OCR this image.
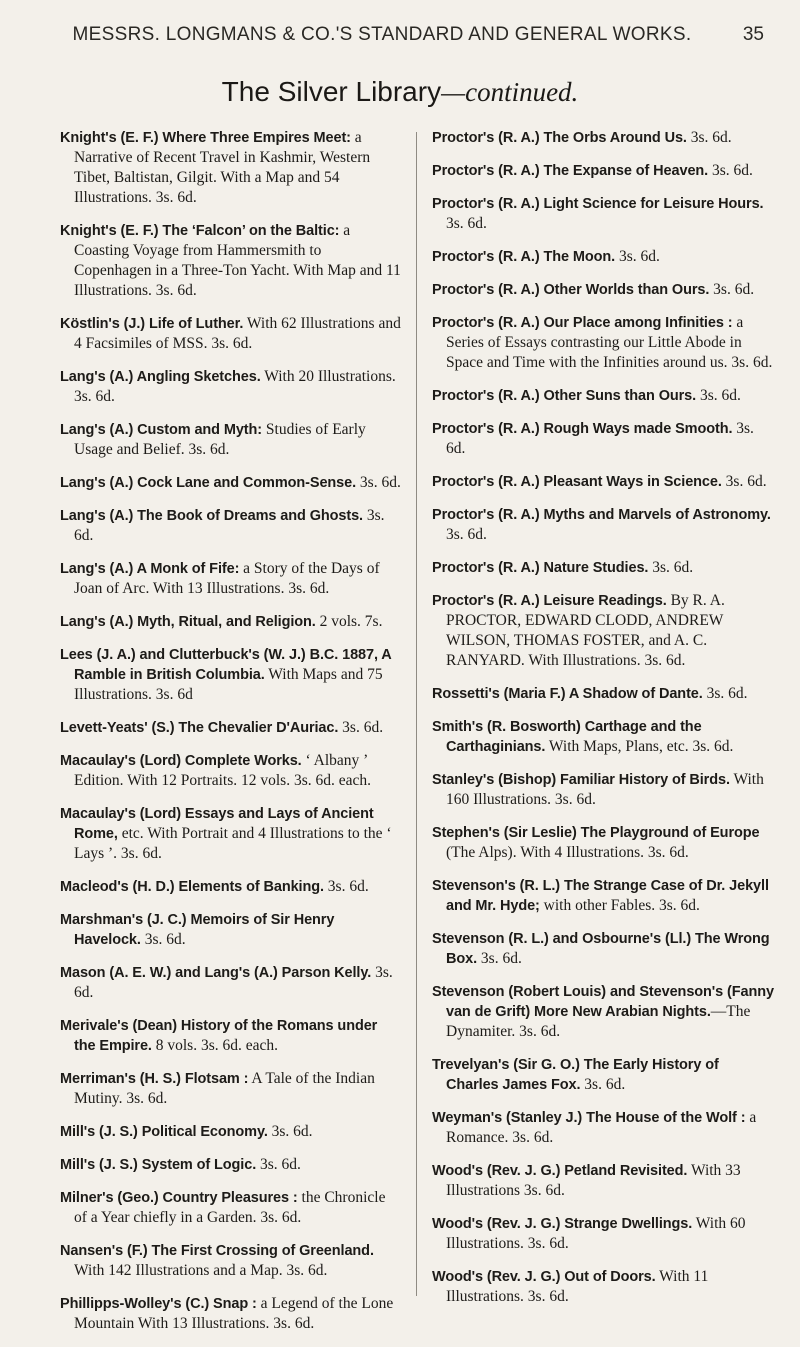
MESSRS. LONGMANS & CO.'S STANDARD AND GENERAL WORKS.	35
The Silver Library—continued.

Knight's (E. F.) Where Three Empires Meet: a Narrative of Recent Travel in Kashmir, Western Tibet, Baltistan, Gilgit. With a Map and 54 Illustrations. 3s. 6d.

Knight's (E. F.) The ‘Falcon’ on the Baltic: a Coasting Voyage from Hammersmith to Copenhagen in a Three-Ton Yacht. With Map and 11 Illustrations. 3s. 6d.

Köstlin's (J.) Life of Luther. With 62 Illustrations and 4 Facsimiles of MSS. 3s. 6d.

Lang's (A.) Angling Sketches. With 20 Illustrations. 3s. 6d.

Lang's (A.) Custom and Myth: Studies of Early Usage and Belief. 3s. 6d.

Lang's (A.) Cock Lane and Common-Sense. 3s. 6d.

Lang's (A.) The Book of Dreams and Ghosts. 3s. 6d.

Lang's (A.) A Monk of Fife: a Story of the Days of Joan of Arc. With 13 Illustrations. 3s. 6d.

Lang's (A.) Myth, Ritual, and Religion. 2 vols. 7s.

Lees (J. A.) and Clutterbuck's (W. J.) B.C. 1887, A Ramble in British Columbia. With Maps and 75 Illustrations. 3s. 6d

Levett-Yeats' (S.) The Chevalier D'Auriac. 3s. 6d.

Macaulay's (Lord) Complete Works. ‘ Albany ’ Edition. With 12 Portraits. 12 vols. 3s. 6d. each.

Macaulay's (Lord) Essays and Lays of Ancient Rome, etc. With Portrait and 4 Illustrations to the ‘ Lays ’. 3s. 6d.

Macleod's (H. D.) Elements of Banking. 3s. 6d.

Marshman's (J. C.) Memoirs of Sir Henry Havelock. 3s. 6d.

Mason (A. E. W.) and Lang's (A.) Parson Kelly. 3s. 6d.

Merivale's (Dean) History of the Romans under the Empire. 8 vols. 3s. 6d. each.

Merriman's (H. S.) Flotsam : A Tale of the Indian Mutiny. 3s. 6d.

Mill's (J. S.) Political Economy. 3s. 6d.

Mill's (J. S.) System of Logic. 3s. 6d.

Milner's (Geo.) Country Pleasures : the Chronicle of a Year chiefly in a Garden. 3s. 6d.

Nansen's (F.) The First Crossing of Greenland. With 142 Illustrations and a Map. 3s. 6d.

Phillipps-Wolley's (C.) Snap : a Legend of the Lone Mountain With 13 Illustrations. 3s. 6d.

Proctor's (R. A.) The Orbs Around Us. 3s. 6d.

Proctor's (R. A.) The Expanse of Heaven. 3s. 6d.

Proctor's (R. A.) Light Science for Leisure Hours. 3s. 6d.

Proctor's (R. A.) The Moon. 3s. 6d.

Proctor's (R. A.) Other Worlds than Ours. 3s. 6d.

Proctor's (R. A.) Our Place among Infinities : a Series of Essays contrasting our Little Abode in Space and Time with the Infinities around us. 3s. 6d.

Proctor's (R. A.) Other Suns than Ours. 3s. 6d.

Proctor's (R. A.) Rough Ways made Smooth. 3s. 6d.

Proctor's (R. A.) Pleasant Ways in Science. 3s. 6d.

Proctor's (R. A.) Myths and Marvels of Astronomy. 3s. 6d.

Proctor's (R. A.) Nature Studies. 3s. 6d.

Proctor's (R. A.) Leisure Readings. By R. A. PROCTOR, EDWARD CLODD, ANDREW WILSON, THOMAS FOSTER, and A. C. RANYARD. With Illustrations. 3s. 6d.

Rossetti's (Maria F.) A Shadow of Dante. 3s. 6d.

Smith's (R. Bosworth) Carthage and the Carthaginians. With Maps, Plans, etc. 3s. 6d.

Stanley's (Bishop) Familiar History of Birds. With 160 Illustrations. 3s. 6d.

Stephen's (Sir Leslie) The Playground of Europe (The Alps). With 4 Illustrations. 3s. 6d.

Stevenson's (R. L.) The Strange Case of Dr. Jekyll and Mr. Hyde; with other Fables. 3s. 6d.

Stevenson (R. L.) and Osbourne's (Ll.) The Wrong Box. 3s. 6d.

Stevenson (Robert Louis) and Stevenson's (Fanny van de Grift) More New Arabian Nights.—The Dynamiter. 3s. 6d.

Trevelyan's (Sir G. O.) The Early History of Charles James Fox. 3s. 6d.

Weyman's (Stanley J.) The House of the Wolf : a Romance. 3s. 6d.

Wood's (Rev. J. G.) Petland Revisited. With 33 Illustrations 3s. 6d.

Wood's (Rev. J. G.) Strange Dwellings. With 60 Illustrations. 3s. 6d.

Wood's (Rev. J. G.) Out of Doors. With 11 Illustrations. 3s. 6d.
